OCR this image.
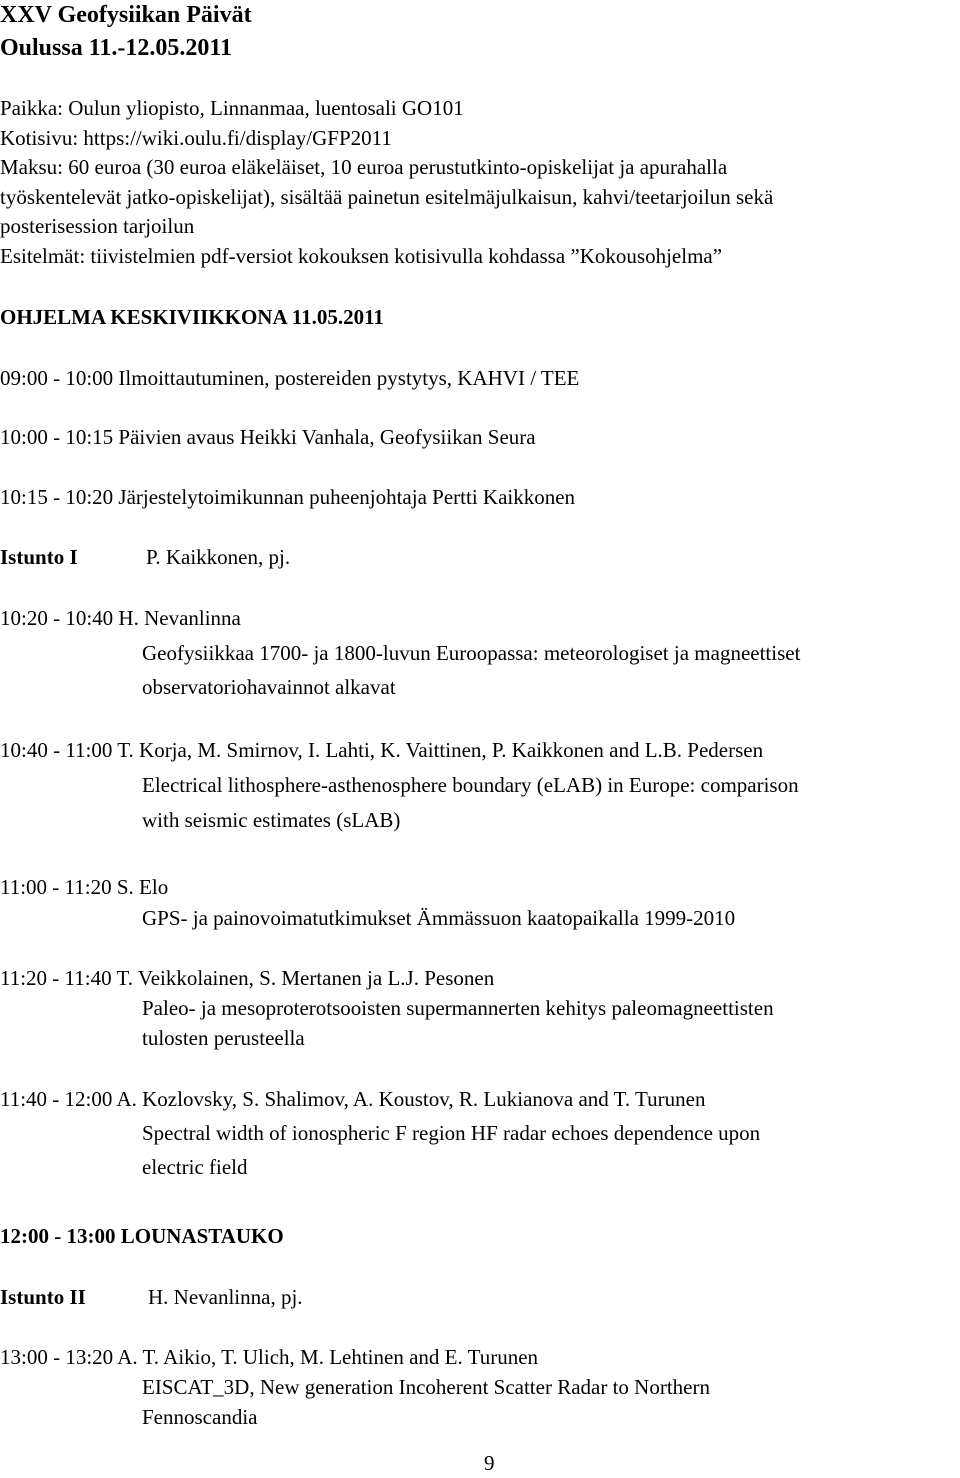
XXV Geofysiikan Päivät
Oulussa 11.-12.05.2011
Paikka: Oulun yliopisto, Linnanmaa, luentosali GO101
Kotisivu: https://wiki.oulu.fi/display/GFP2011
Maksu: 60 euroa (30 euroa eläkeläiset, 10 euroa perustutkinto-opiskelijat ja apurahalla
työskentelevät jatko-opiskelijat), sisältää painetun esitelmäjulkaisun, kahvi/teetarjoilun sekä
posterisession tarjoilun
Esitelmät: tiivistelmien pdf-versiot kokouksen kotisivulla kohdassa ”Kokousohjelma”
OHJELMA KESKIVIIKKONA 11.05.2011
09:00 - 10:00 Ilmoittautuminen, postereiden pystytys, KAHVI / TEE
10:00 - 10:15 Päivien avaus Heikki Vanhala, Geofysiikan Seura
10:15 - 10:20 Järjestelytoimikunnan puheenjohtaja Pertti Kaikkonen
Istunto I	P. Kaikkonen, pj.
10:20 - 10:40 H. Nevanlinna
Geofysiikkaa 1700- ja 1800-luvun Euroopassa: meteorologiset ja magneettiset
observatoriohavainnot alkavat
10:40 - 11:00 T. Korja, M. Smirnov, I. Lahti, K. Vaittinen, P. Kaikkonen and L.B. Pedersen
Electrical lithosphere-asthenosphere boundary (eLAB) in Europe: comparison
with seismic estimates (sLAB)
11:00 - 11:20 S. Elo
GPS- ja painovoimatutkimukset Ämmässuon kaatopaikalla 1999-2010
11:20 - 11:40 T. Veikkolainen, S. Mertanen ja L.J. Pesonen
Paleo- ja mesoproterotsooisten supermannerten kehitys paleomagneettisten
tulosten perusteella
11:40 - 12:00 A. Kozlovsky, S. Shalimov, A. Koustov, R. Lukianova and T. Turunen
Spectral width of ionospheric F region HF radar echoes dependence upon
electric field
12:00 - 13:00 LOUNASTAUKO
Istunto II	H. Nevanlinna, pj.
13:00 - 13:20 A. T. Aikio, T. Ulich, M. Lehtinen and E. Turunen
EISCAT_3D, New generation Incoherent Scatter Radar to Northern
Fennoscandia
9
